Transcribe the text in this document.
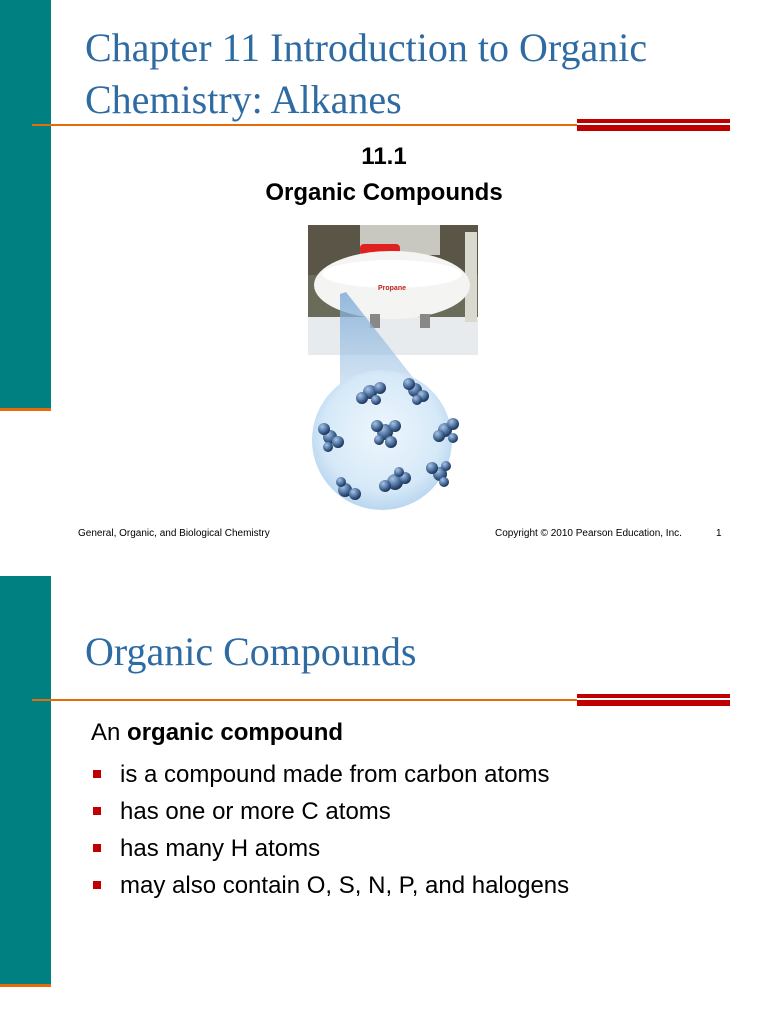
Chapter 11 Introduction to Organic Chemistry: Alkanes
11.1
Organic Compounds
Propane
General, Organic, and Biological Chemistry	Copyright © 2010 Pearson Education, Inc.	1
Organic Compounds
An organic compound
is a compound made from carbon atoms
has one or more C atoms
has many H atoms
may also contain O, S, N, P, and halogens
